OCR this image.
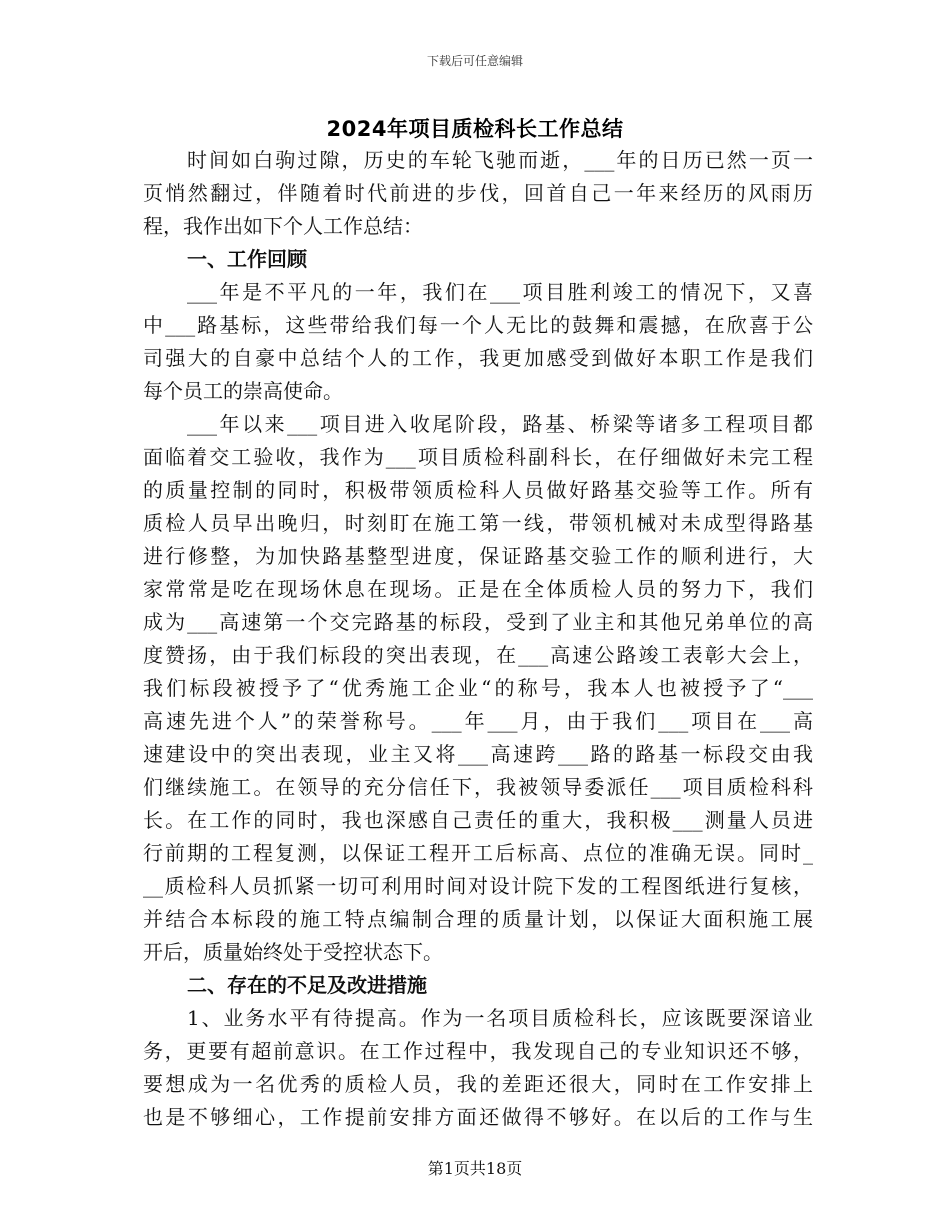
下载后可任意编辑
2024年项目质检科长工作总结
时间如白驹过隙，历史的车轮飞驰而逝，___年的日历已然一页一
页悄然翻过，伴随着时代前进的步伐，回首自己一年来经历的风雨历
程，我作出如下个人工作总结：
一、工作回顾
___年是不平凡的一年，我们在___项目胜利竣工的情况下，又喜
中___路基标，这些带给我们每一个人无比的鼓舞和震撼，在欣喜于公
司强大的自豪中总结个人的工作，我更加感受到做好本职工作是我们
每个员工的崇高使命。
___年以来___项目进入收尾阶段，路基、桥梁等诸多工程项目都
面临着交工验收，我作为___项目质检科副科长，在仔细做好未完工程
的质量控制的同时，积极带领质检科人员做好路基交验等工作。所有
质检人员早出晚归，时刻盯在施工第一线，带领机械对未成型得路基
进行修整，为加快路基整型进度，保证路基交验工作的顺利进行，大
家常常是吃在现场休息在现场。正是在全体质检人员的努力下，我们
成为___高速第一个交完路基的标段，受到了业主和其他兄弟单位的高
度赞扬，由于我们标段的突出表现，在___高速公路竣工表彰大会上，
我们标段被授予了“优秀施工企业“的称号，我本人也被授予了“___
高速先进个人”的荣誉称号。___年___月，由于我们___项目在___高
速建设中的突出表现，业主又将___高速跨___路的路基一标段交由我
们继续施工。在领导的充分信任下，我被领导委派任___项目质检科科
长。在工作的同时，我也深感自己责任的重大，我积极___测量人员进
行前期的工程复测，以保证工程开工后标高、点位的准确无误。同时_
__质检科人员抓紧一切可利用时间对设计院下发的工程图纸进行复核，
并结合本标段的施工特点编制合理的质量计划，以保证大面积施工展
开后，质量始终处于受控状态下。
二、存在的不足及改进措施
1、业务水平有待提高。作为一名项目质检科长，应该既要深谙业
务，更要有超前意识。在工作过程中，我发现自己的专业知识还不够，
要想成为一名优秀的质检人员，我的差距还很大，同时在工作安排上
也是不够细心，工作提前安排方面还做得不够好。在以后的工作与生
第1页共18页
